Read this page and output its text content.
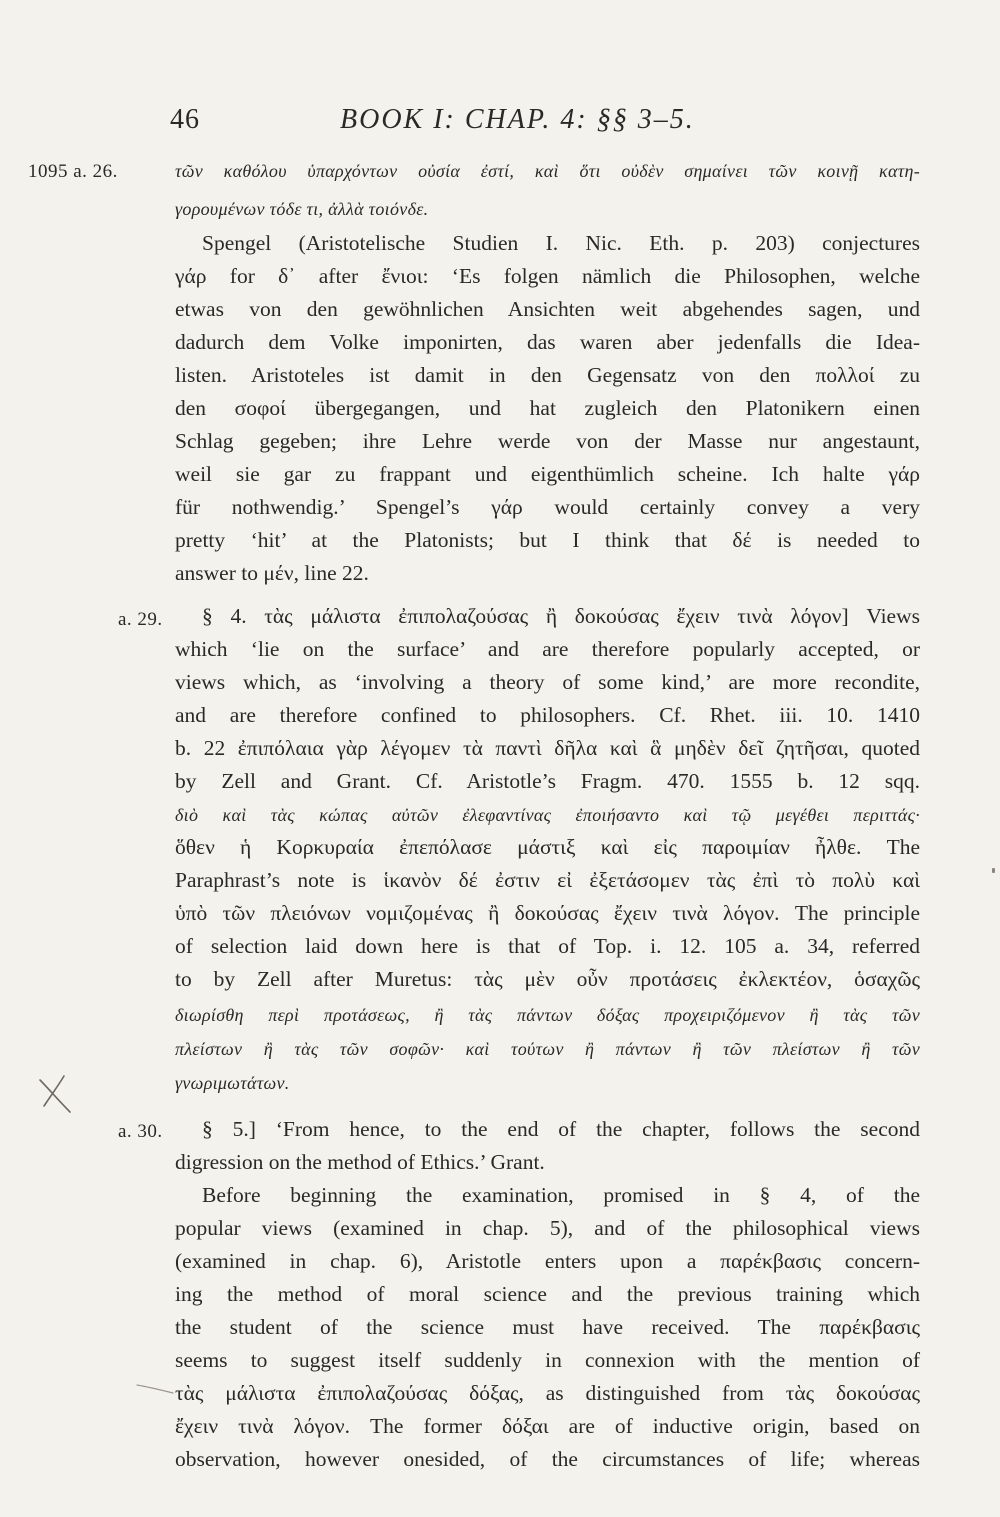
46	BOOK I: CHAP. 4: §§ 3–5.
1095 a. 26.	τῶν καθόλου ὑπαρχόντων οὐσία ἐστί, καὶ ὅτι οὐδὲν σημαίνει τῶν κοινῇ κατη-
γορουμένων τόδε τι, ἀλλὰ τοιόνδε.
Spengel (Aristotelische Studien I. Nic. Eth. p. 203) conjectures
γάρ for δ᾿ after ἔνιοι: ‘Es folgen nämlich die Philosophen, welche
etwas von den gewöhnlichen Ansichten weit abgehendes sagen, und
dadurch dem Volke imponirten, das waren aber jedenfalls die Idea-
listen. Aristoteles ist damit in den Gegensatz von den πολλοί zu
den σοφοί übergegangen, und hat zugleich den Platonikern einen
Schlag gegeben; ihre Lehre werde von der Masse nur angestaunt,
weil sie gar zu frappant und eigenthümlich scheine. Ich halte γάρ
für nothwendig.’ Spengel’s γάρ would certainly convey a very
pretty ‘hit’ at the Platonists; but I think that δέ is needed to
answer to μέν, line 22.
a. 29. § 4. τὰς μάλιστα ἐπιπολαζούσας ἢ δοκούσας ἔχειν τινὰ λόγον] Views
which ‘lie on the surface’ and are therefore popularly accepted, or
views which, as ‘involving a theory of some kind,’ are more recondite,
and are therefore confined to philosophers. Cf. Rhet. iii. 10. 1410
b. 22 ἐπιπόλαια γὰρ λέγομεν τὰ παντὶ δῆλα καὶ ἃ μηδὲν δεῖ ζητῆσαι, quoted
by Zell and Grant. Cf. Aristotle’s Fragm. 470. 1555 b. 12 sqq.
διὸ καὶ τὰς κώπας αὐτῶν ἐλεφαντίνας ἐποιήσαντο καὶ τῷ μεγέθει περιττάς·
ὅθεν ἡ Κορκυραία ἐπεπόλασε μάστιξ καὶ εἰς παροιμίαν ἦλθε. The
Paraphrast’s note is ἱκανὸν δέ ἐστιν εἰ ἐξετάσομεν τὰς ἐπὶ τὸ πολὺ καὶ
ὑπὸ τῶν πλειόνων νομιζομένας ἢ δοκούσας ἔχειν τινὰ λόγον. The principle
of selection laid down here is that of Top. i. 12. 105 a. 34, referred
to by Zell after Muretus: τὰς μὲν οὖν προτάσεις ἐκλεκτέον, ὁσαχῶς
διωρίσθη περὶ προτάσεως, ἢ τὰς πάντων δόξας προχειριζόμενον ἢ τὰς τῶν
πλείστων ἢ τὰς τῶν σοφῶν· καὶ τούτων ἢ πάντων ἢ τῶν πλείστων ἢ τῶν
γνωριμωτάτων.
a. 30. § 5.] ‘From hence, to the end of the chapter, follows the second
digression on the method of Ethics.’ Grant.
Before beginning the examination, promised in § 4, of the
popular views (examined in chap. 5), and of the philosophical views
(examined in chap. 6), Aristotle enters upon a παρέκβασις concern-
ing the method of moral science and the previous training which
the student of the science must have received. The παρέκβασις
seems to suggest itself suddenly in connexion with the mention of
τὰς μάλιστα ἐπιπολαζούσας δόξας, as distinguished from τὰς δοκούσας
ἔχειν τινὰ λόγον. The former δόξαι are of inductive origin, based on
observation, however onesided, of the circumstances of life; whereas
